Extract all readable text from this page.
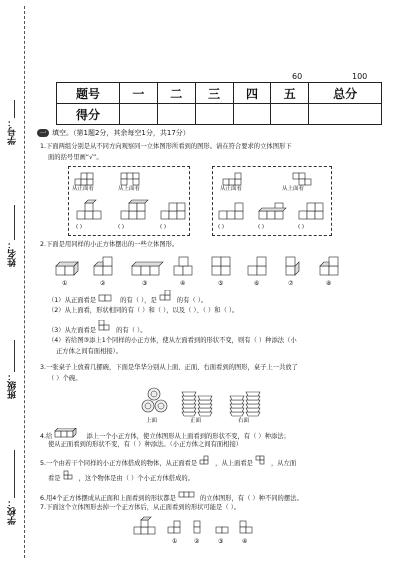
学号：
姓名：
班级：
学校：
60	100
题号	一	二	三	四	五	总分
得分						
一 填空。（第1题2分，其余每空1分，共17分）
1.下面两组分别是从不同方向观察同一立体图形所看到的图形。请在符合要求的立体图形下
面的括号里画“√”。
从正面看	从上面看
( )	( )	( )
从正面看	从上面看
( )	( )	( )
2.下面是用同样的小正方体摆出的一些立体图形。
①	②	③	④	⑤	⑥	⑦	⑧
（1）从正面看是	的有（ ），是	的有（ ）。
（2）从上面看，形状相同的有（ ）和（ ），以及（ ）、（ ）和（ ）。
（3）从左面看是	的有（ ）。
（4）若给图③添上1个同样的小正方体，使从左面看到的形状不变，则有（ ）种添法（小
正方体之间有面相接）。
3.一张桌子上放着几摞碗，下面是华华分别从上面、正面、右面看到的图形，桌子上一共放了
（ ）个碗。
上面	正面	右面
4.给	添上一个小正方体，使立体图形从上面看到的形状不变，有（ ）种添法；
使从正面看到的形状不变，有（ ）种添法。（小正方体之间有面相接）
5.一个由若干个同样的小正方体搭成的物体，从正面看是	，从上面看是	，从左面
看是	，这个物体是由（ ）个小正方体搭成的。
6.用4个正方体摆成从正面和上面看到的形状都是	的立体图形，有（ ）种不同的摆法。
7.下面这个立体图形去掉一个正方体后，从正面看到的形状可能是（ ）。
①	②	③	④
